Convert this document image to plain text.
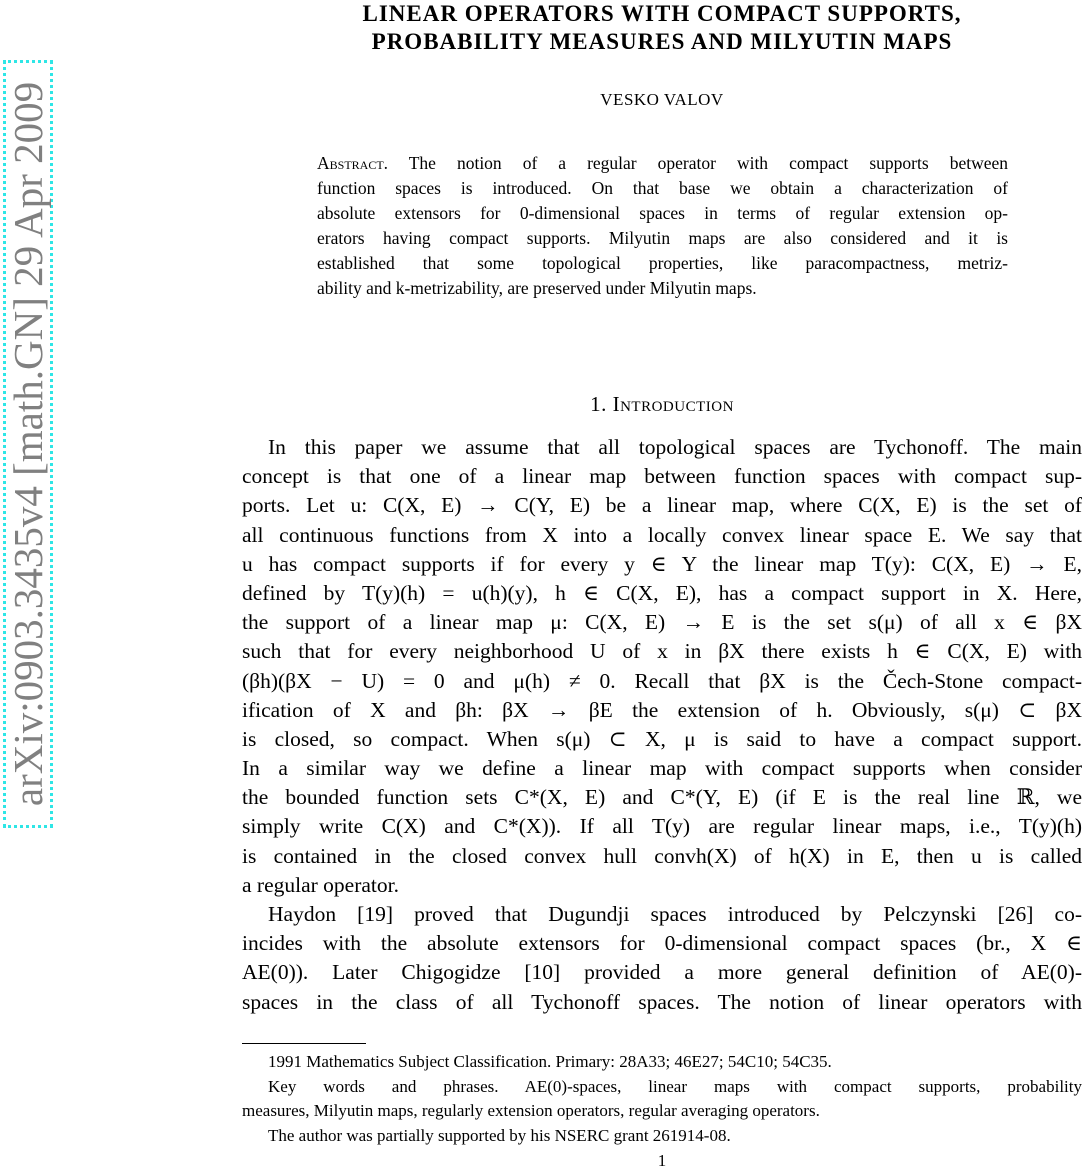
arXiv:0903.3435v4 [math.GN] 29 Apr 2009
LINEAR OPERATORS WITH COMPACT SUPPORTS,
PROBABILITY MEASURES AND MILYUTIN MAPS
VESKO VALOV
Abstract. The notion of a regular operator with compact supports between
function spaces is introduced. On that base we obtain a characterization of
absolute extensors for 0-dimensional spaces in terms of regular extension op-
erators having compact supports. Milyutin maps are also considered and it is
established that some topological properties, like paracompactness, metriz-
ability and k-metrizability, are preserved under Milyutin maps.
1. Introduction
In this paper we assume that all topological spaces are Tychonoff. The main
concept is that one of a linear map between function spaces with compact sup-
ports. Let u: C(X, E) → C(Y, E) be a linear map, where C(X, E) is the set of
all continuous functions from X into a locally convex linear space E. We say that
u has compact supports if for every y ∈ Y the linear map T(y): C(X, E) → E,
defined by T(y)(h) = u(h)(y), h ∈ C(X, E), has a compact support in X. Here,
the support of a linear map μ: C(X, E) → E is the set s(μ) of all x ∈ βX
such that for every neighborhood U of x in βX there exists h ∈ C(X, E) with
(βh)(βX − U) = 0 and μ(h) ≠ 0. Recall that βX is the Čech-Stone compact-
ification of X and βh: βX → βE the extension of h. Obviously, s(μ) ⊂ βX
is closed, so compact. When s(μ) ⊂ X, μ is said to have a compact support.
In a similar way we define a linear map with compact supports when consider
the bounded function sets C*(X, E) and C*(Y, E) (if E is the real line ℝ, we
simply write C(X) and C*(X)). If all T(y) are regular linear maps, i.e., T(y)(h)
is contained in the closed convex hull convh(X) of h(X) in E, then u is called
a regular operator.
Haydon [19] proved that Dugundji spaces introduced by Pelczynski [26] co-
incides with the absolute extensors for 0-dimensional compact spaces (br., X ∈
AE(0)). Later Chigogidze [10] provided a more general definition of AE(0)-
spaces in the class of all Tychonoff spaces. The notion of linear operators with
1991 Mathematics Subject Classification. Primary: 28A33; 46E27; 54C10; 54C35.
Key words and phrases. AE(0)-spaces, linear maps with compact supports, probability
measures, Milyutin maps, regularly extension operators, regular averaging operators.
The author was partially supported by his NSERC grant 261914-08.
1
